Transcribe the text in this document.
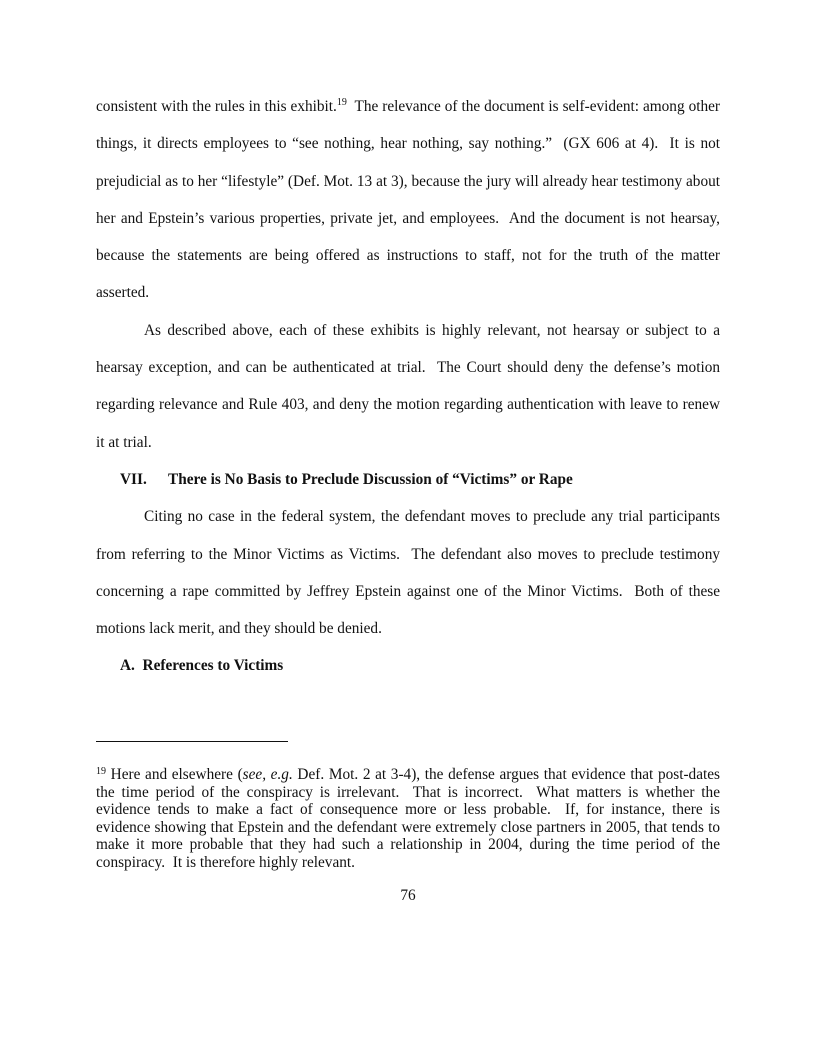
consistent with the rules in this exhibit.$^{19}$  The relevance of the document is self-evident: among other things, it directs employees to “see nothing, hear nothing, say nothing.”  (GX 606 at 4).  It is not prejudicial as to her “lifestyle” (Def. Mot. 13 at 3), because the jury will already hear testimony about her and Epstein’s various properties, private jet, and employees.  And the document is not hearsay, because the statements are being offered as instructions to staff, not for the truth of the matter asserted.

As described above, each of these exhibits is highly relevant, not hearsay or subject to a hearsay exception, and can be authenticated at trial.  The Court should deny the defense’s motion regarding relevance and Rule 403, and deny the motion regarding authentication with leave to renew it at trial.

VII. There is No Basis to Preclude Discussion of “Victims” or Rape

Citing no case in the federal system, the defendant moves to preclude any trial participants from referring to the Minor Victims as Victims.  The defendant also moves to preclude testimony concerning a rape committed by Jeffrey Epstein against one of the Minor Victims.  Both of these motions lack merit, and they should be denied.

A.  References to Victims

$^{19}$ Here and elsewhere (see, e.g. Def. Mot. 2 at 3-4), the defense argues that evidence that post-dates the time period of the conspiracy is irrelevant.  That is incorrect.  What matters is whether the evidence tends to make a fact of consequence more or less probable.  If, for instance, there is evidence showing that Epstein and the defendant were extremely close partners in 2005, that tends to make it more probable that they had such a relationship in 2004, during the time period of the conspiracy.  It is therefore highly relevant.

76
